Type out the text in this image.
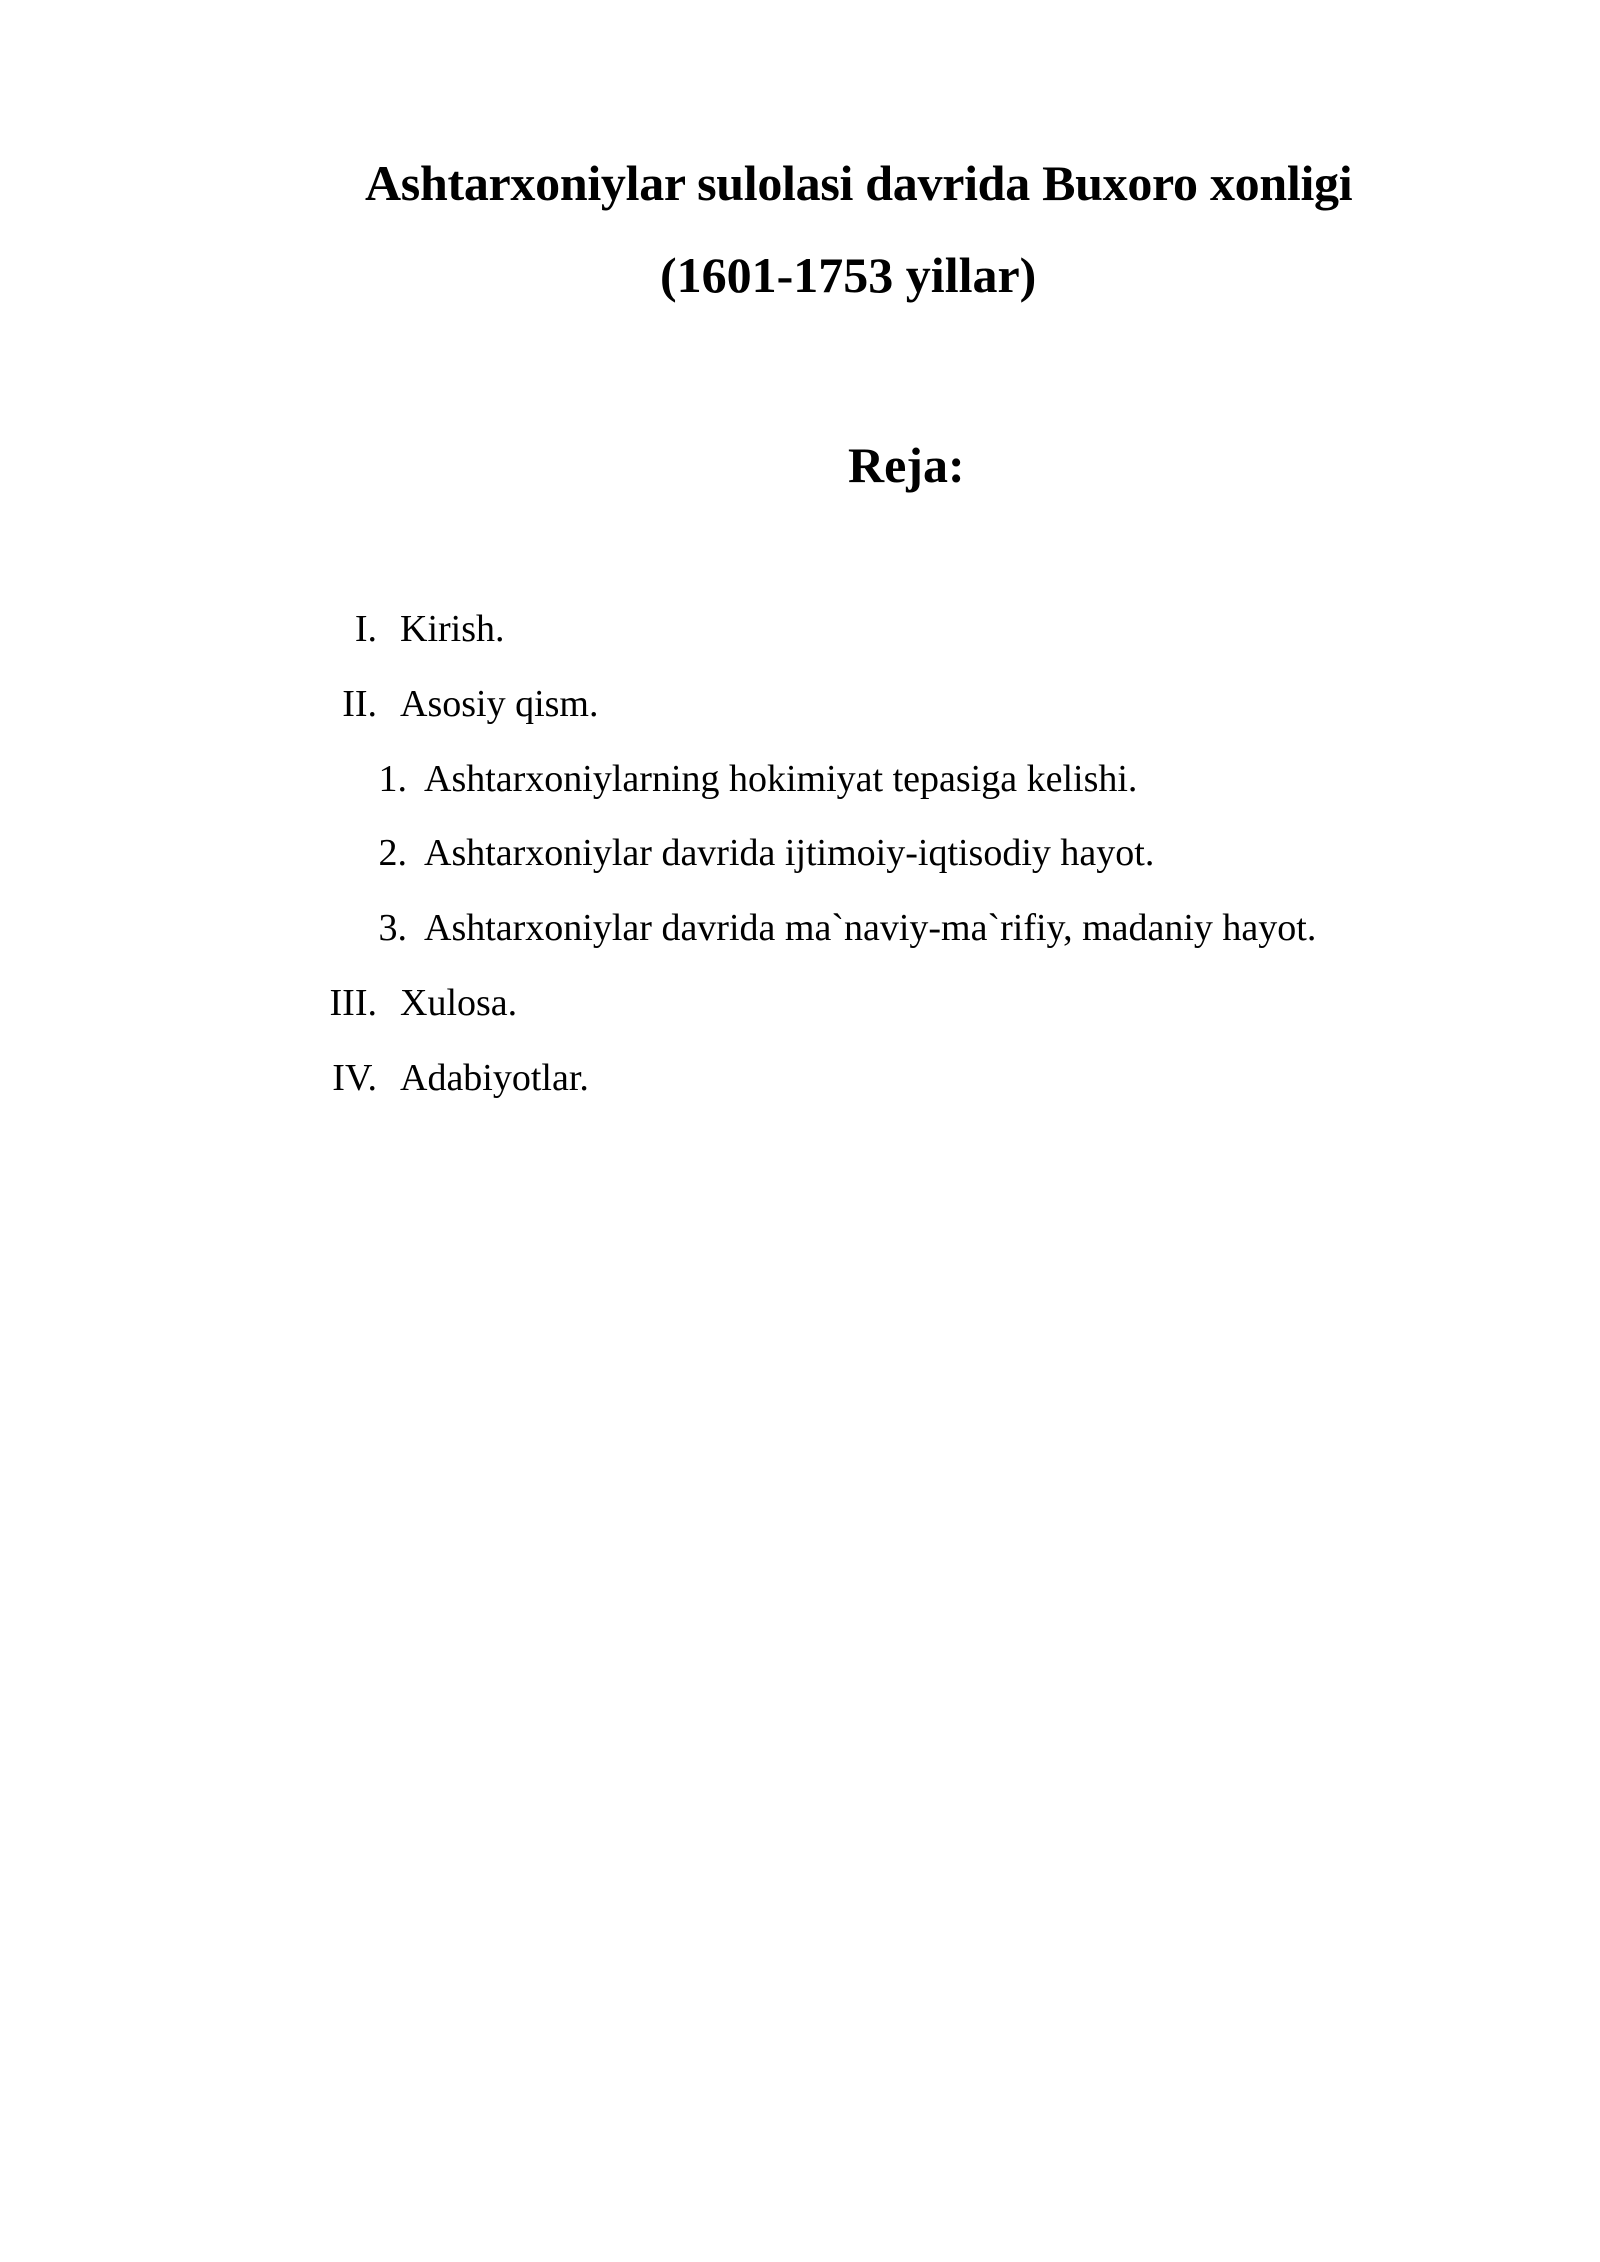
Ashtarxoniylar sulolasi davrida Buxoro xonligi
(1601-1753 yillar)
Reja:
I. Kirish.
II. Asosiy qism.
1. Ashtarxoniylarning hokimiyat tepasiga kelishi.
2. Ashtarxoniylar davrida ijtimoiy-iqtisodiy hayot.
3. Ashtarxoniylar davrida ma`naviy-ma`rifiy, madaniy hayot.
III. Xulosa.
IV. Adabiyotlar.
